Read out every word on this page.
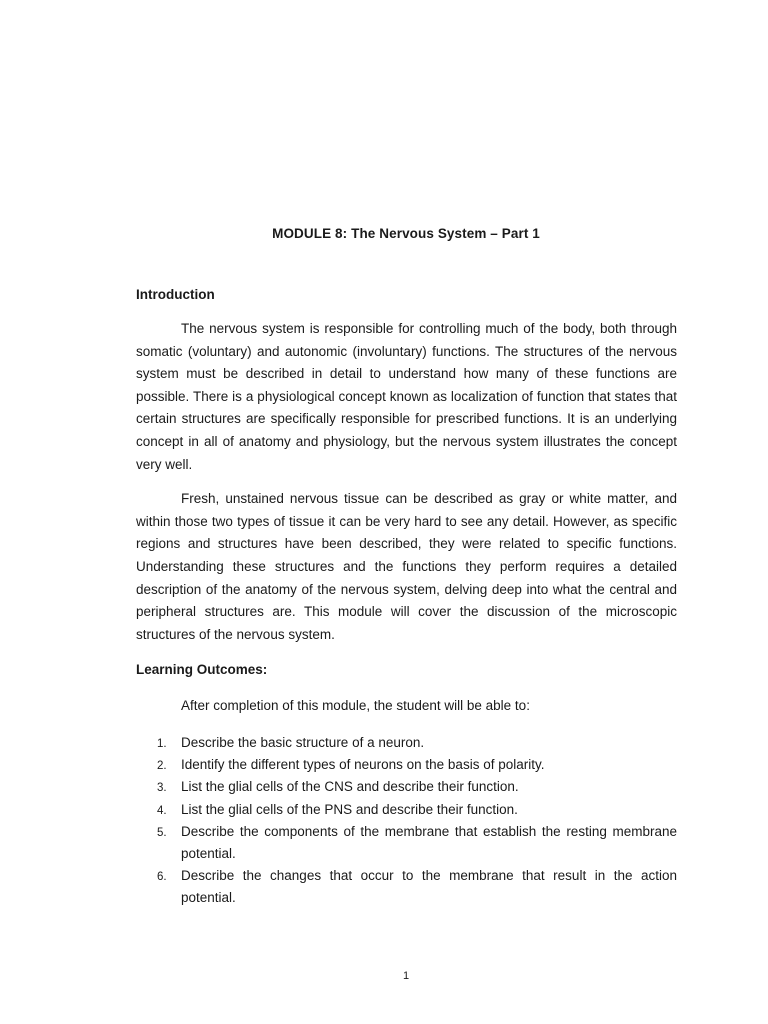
MODULE 8: The Nervous System – Part 1

Introduction

The nervous system is responsible for controlling much of the body, both through somatic (voluntary) and autonomic (involuntary) functions. The structures of the nervous system must be described in detail to understand how many of these functions are possible. There is a physiological concept known as localization of function that states that certain structures are specifically responsible for prescribed functions. It is an underlying concept in all of anatomy and physiology, but the nervous system illustrates the concept very well.

Fresh, unstained nervous tissue can be described as gray or white matter, and within those two types of tissue it can be very hard to see any detail. However, as specific regions and structures have been described, they were related to specific functions. Understanding these structures and the functions they perform requires a detailed description of the anatomy of the nervous system, delving deep into what the central and peripheral structures are. This module will cover the discussion of the microscopic structures of the nervous system.

Learning Outcomes:

After completion of this module, the student will be able to:

1. Describe the basic structure of a neuron.
2. Identify the different types of neurons on the basis of polarity.
3. List the glial cells of the CNS and describe their function.
4. List the glial cells of the PNS and describe their function.
5. Describe the components of the membrane that establish the resting membrane potential.
6. Describe the changes that occur to the membrane that result in the action potential.
1
